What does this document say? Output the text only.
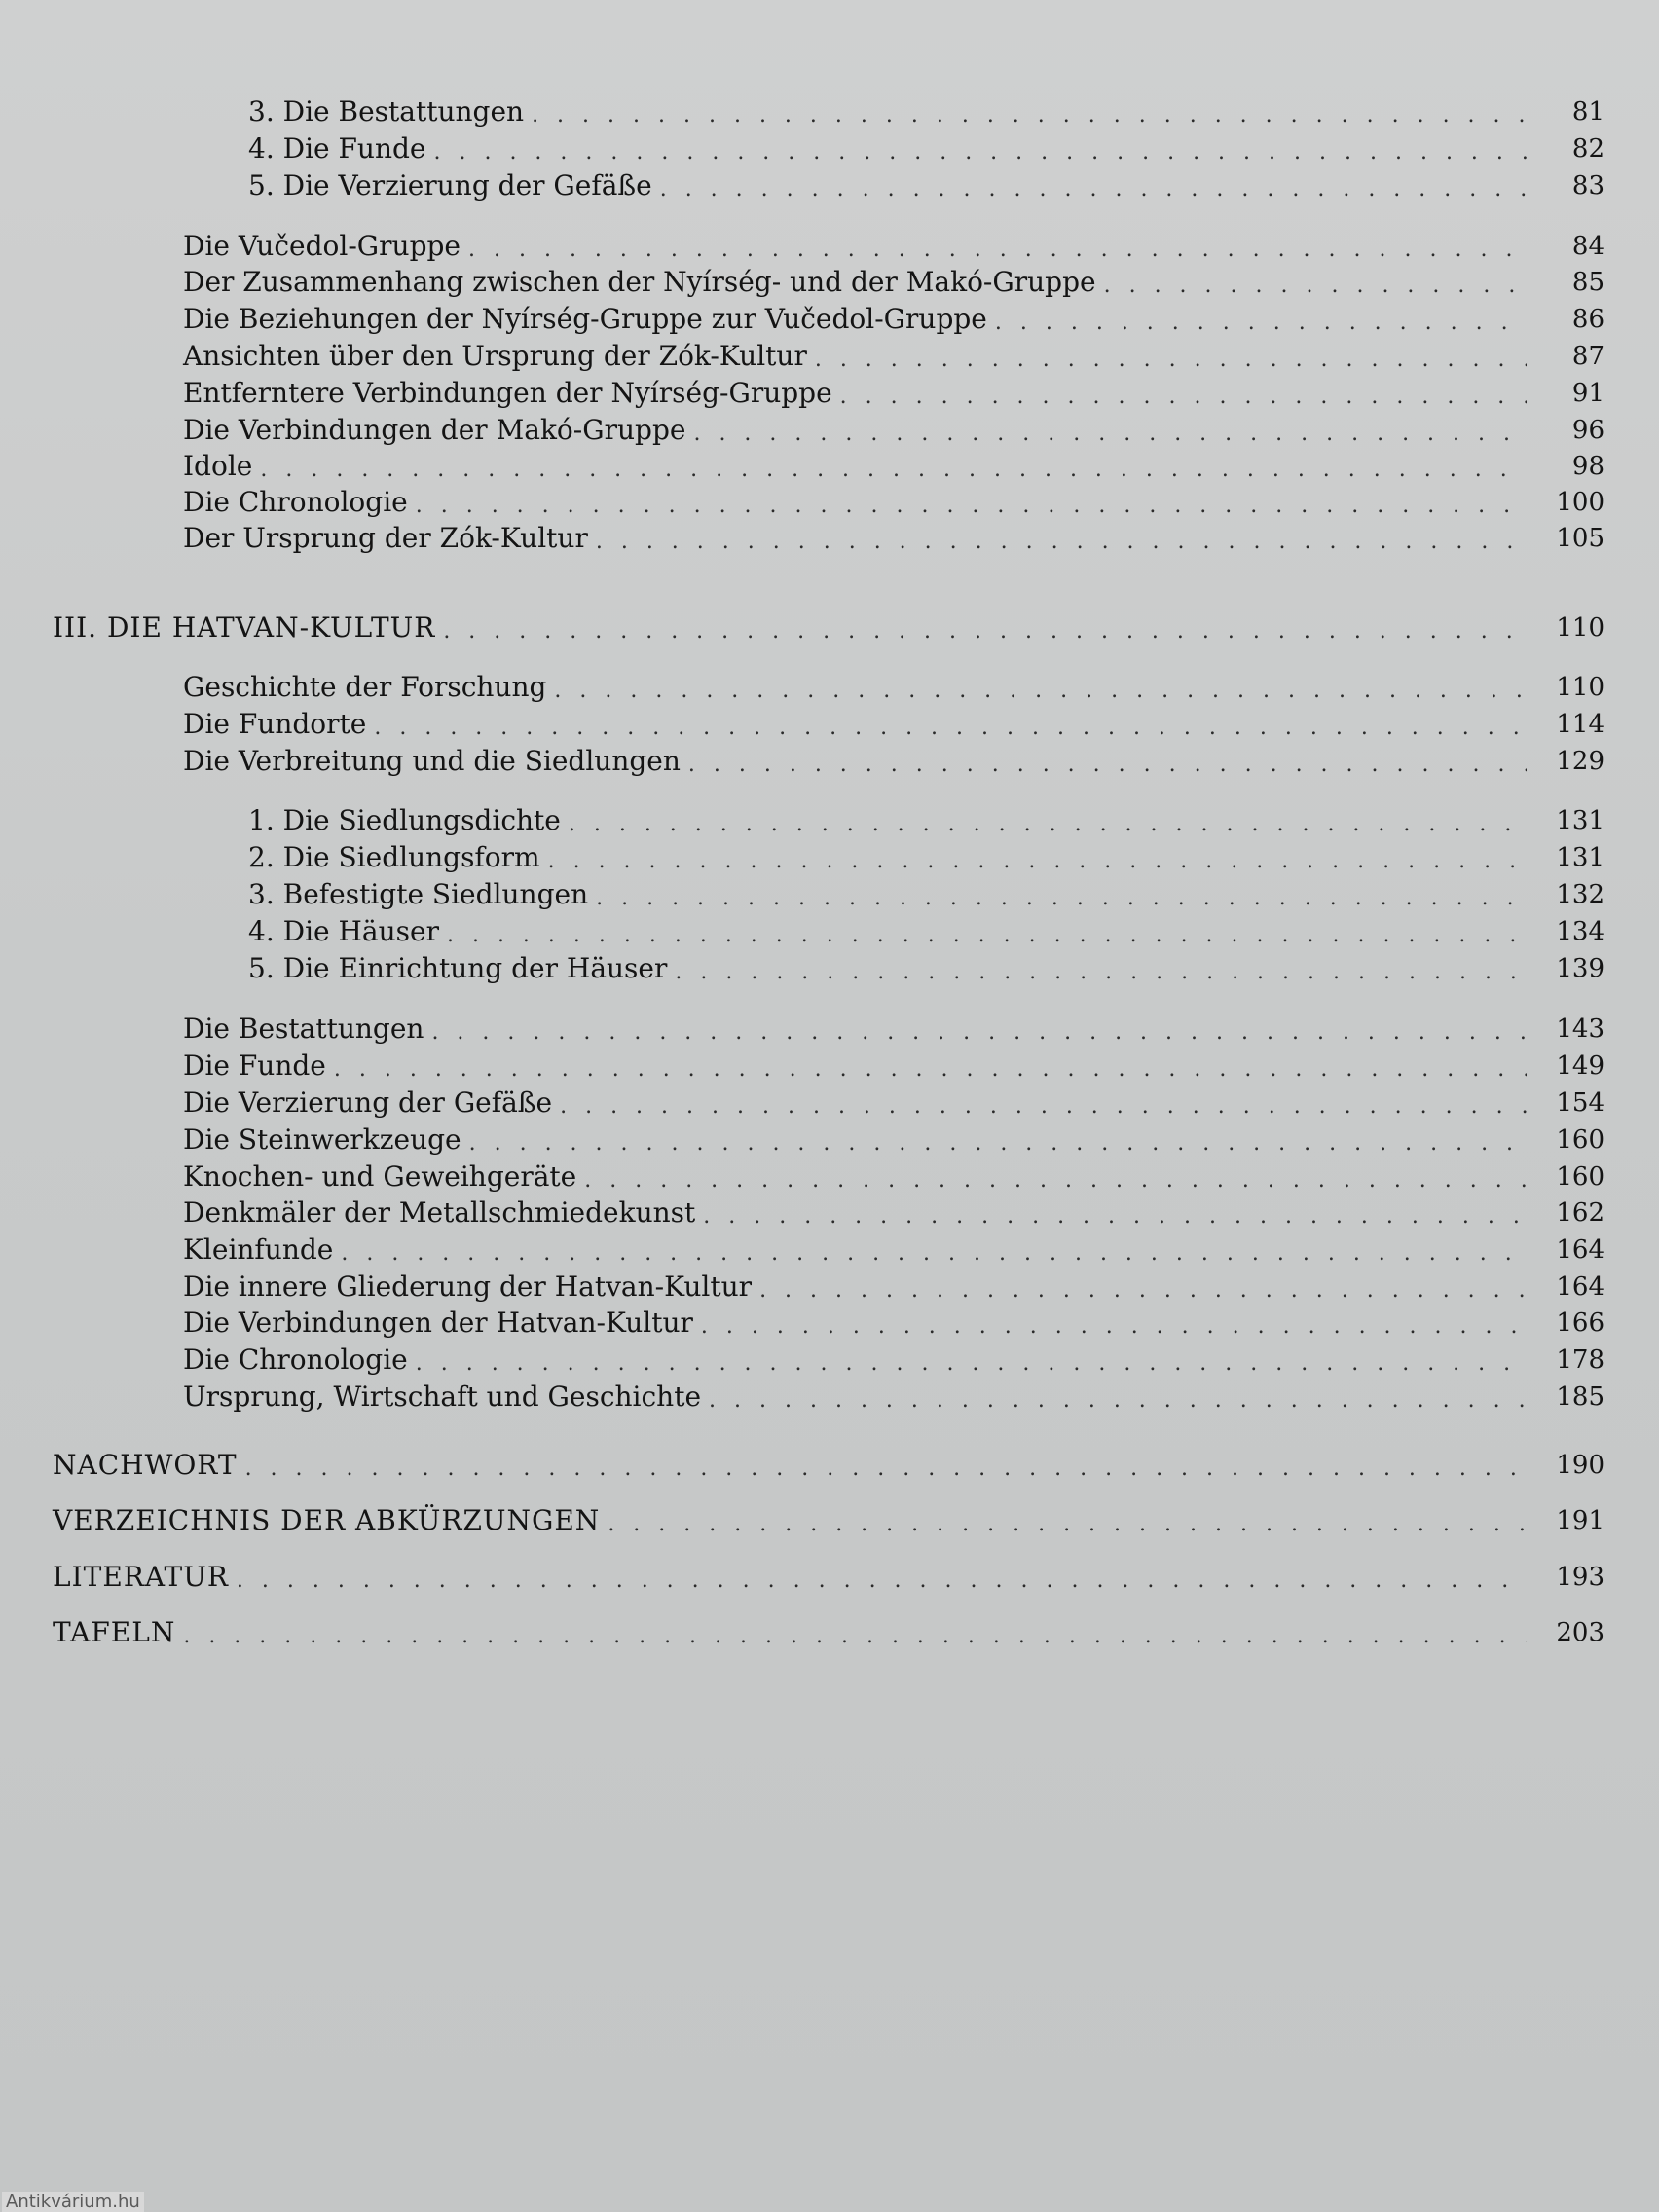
3. Die Bestattungen . . .	81
4. Die Funde . . .	82
5. Die Verzierung der Gefäße . . .	83
Die Vučedol-Gruppe . . .	84
Der Zusammenhang zwischen der Nyírség- und der Makó-Gruppe . . .	85
Die Beziehungen der Nyírség-Gruppe zur Vučedol-Gruppe . . .	86
Ansichten über den Ursprung der Zók-Kultur . . .	87
Entferntere Verbindungen der Nyírség-Gruppe . . .	91
Die Verbindungen der Makó-Gruppe . . .	96
Idole . . .	98
Die Chronologie . . .	100
Der Ursprung der Zók-Kultur . . .	105
III. DIE HATVAN-KULTUR . . .	110
Geschichte der Forschung . . .	110
Die Fundorte . . .	114
Die Verbreitung und die Siedlungen . . .	129
1. Die Siedlungsdichte . . .	131
2. Die Siedlungsform . . .	131
3. Befestigte Siedlungen . . .	132
4. Die Häuser . . .	134
5. Die Einrichtung der Häuser . . .	139
Die Bestattungen . . .	143
Die Funde . . .	149
Die Verzierung der Gefäße . . .	154
Die Steinwerkzeuge . . .	160
Knochen- und Geweihgeräte . . .	160
Denkmäler der Metallschmiedekunst . . .	162
Kleinfunde . . .	164
Die innere Gliederung der Hatvan-Kultur . . .	164
Die Verbindungen der Hatvan-Kultur . . .	166
Die Chronologie . . .	178
Ursprung, Wirtschaft und Geschichte . . .	185
NACHWORT . . .	190
VERZEICHNIS DER ABKÜRZUNGEN . . .	191
LITERATUR . . .	193
TAFELN . . .	203
Antikvárium.hu
